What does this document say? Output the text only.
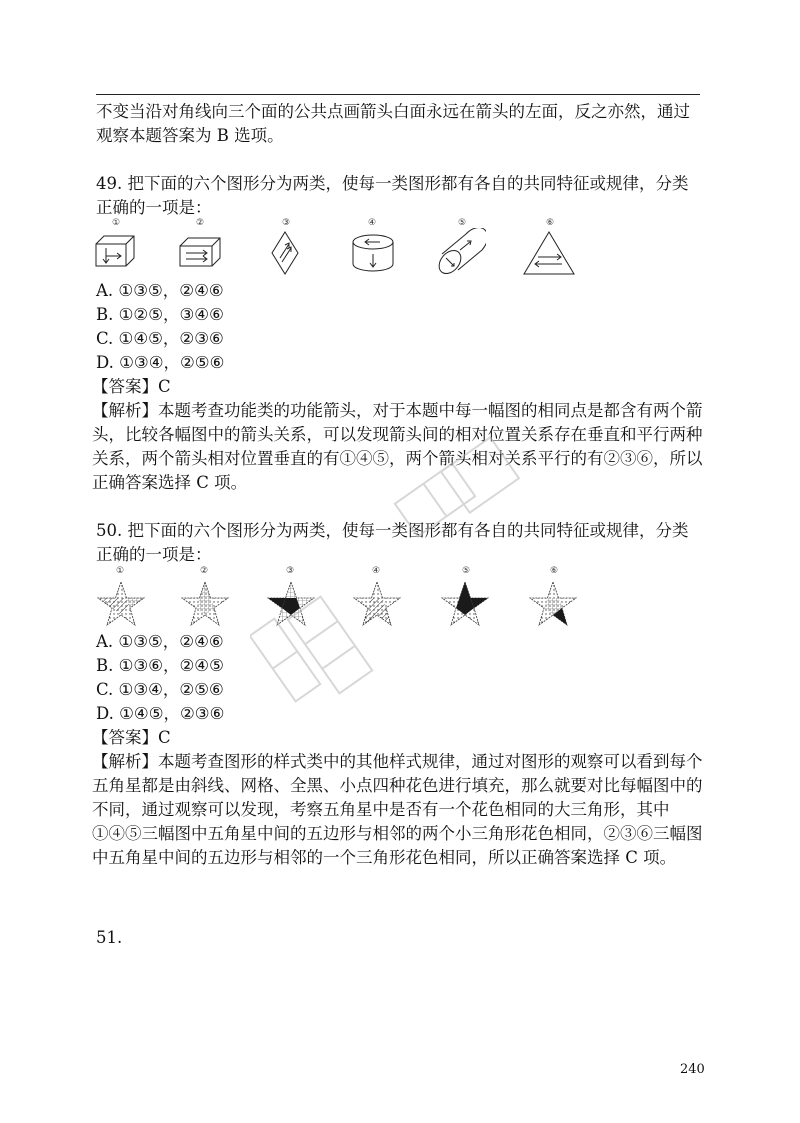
不变当沿对角线向三个面的公共点画箭头白面永远在箭头的左面，反之亦然，通过观察本题答案为 B 选项。

49. 把下面的六个图形分为两类，使每一类图形都有各自的共同特征或规律，分类正确的一项是：

①	②	③	④	⑤	⑥
A. ①③⑤，②④⑥
B. ①②⑤，③④⑥
C. ①④⑤，②③⑥
D. ①③④，②⑤⑥
【答案】C

【解析】本题考查功能类的功能箭头，对于本题中每一幅图的相同点是都含有两个箭头，比较各幅图中的箭头关系，可以发现箭头间的相对位置关系存在垂直和平行两种关系，两个箭头相对位置垂直的有①④⑤，两个箭头相对关系平行的有②③⑥，所以正确答案选择 C 项。

50. 把下面的六个图形分为两类，使每一类图形都有各自的共同特征或规律，分类正确的一项是：

①	②	③	④	⑤	⑥
A. ①③⑤，②④⑥
B. ①③⑥，②④⑤
C. ①③④，②⑤⑥
D. ①④⑤，②③⑥
【答案】C

【解析】本题考查图形的样式类中的其他样式规律，通过对图形的观察可以看到每个五角星都是由斜线、网格、全黑、小点四种花色进行填充，那么就要对比每幅图中的不同，通过观察可以发现，考察五角星中是否有一个花色相同的大三角形，其中①④⑤三幅图中五角星中间的五边形与相邻的两个小三角形花色相同，②③⑥三幅图中五角星中间的五边形与相邻的一个三角形花色相同，所以正确答案选择 C 项。

51.
240
